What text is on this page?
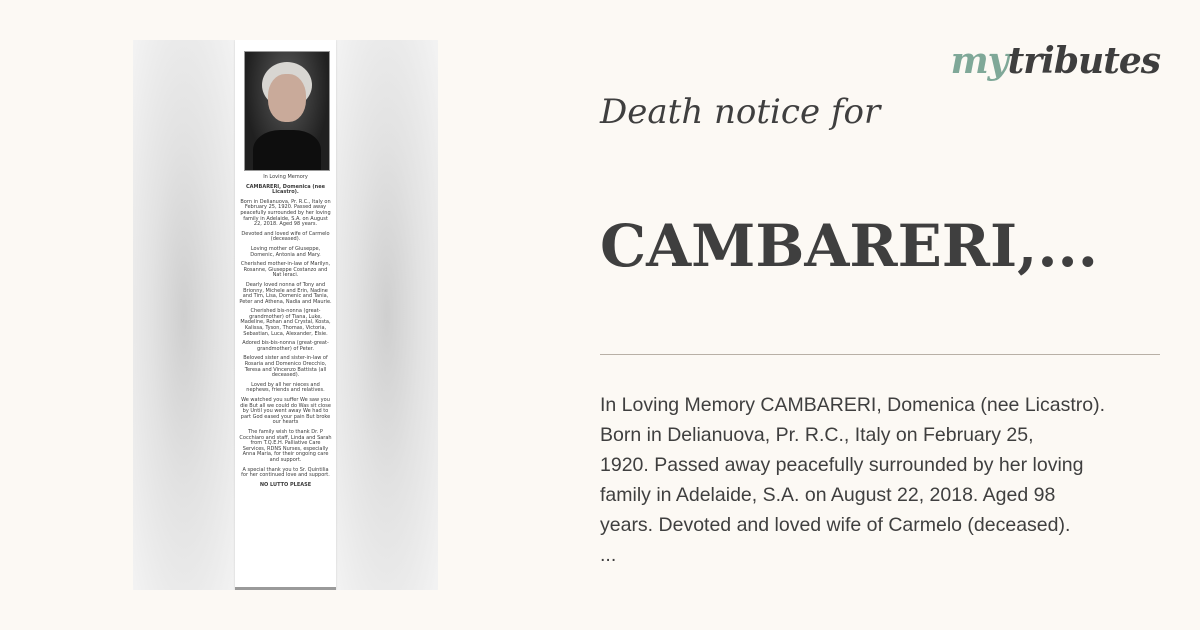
In Loving Memory

CAMBARERI, Domenica (nee Licastro).

Born in Delianuova, Pr. R.C., Italy on February 25, 1920. Passed away peacefully surrounded by her loving family in Adelaide, S.A. on August 22, 2018. Aged 98 years.

Devoted and loved wife of Carmelo (deceased).

Loving mother of Giuseppe, Domenic, Antonia and Mary.

Cherished mother-in-law of Marilyn, Rosanne, Giuseppe Costanzo and Nat Ieraci.

Dearly loved nonna of Tony and Brionny, Michele and Erin, Nadine and Tim, Lisa, Domenic and Tania, Peter and Athena, Nadia and Maurie.

Cherished bis-nonna (great-grandmother) of Tiana, Luke, Madeline, Rohan and Crystal, Kosta, Kalissa, Tyson, Thomas, Victoria, Sebastian, Luca, Alexander, Elsie.

Adored bis-bis-nonna (great-great-grandmother) of Peter.

Beloved sister and sister-in-law of Rosaria and Domenico Orecchio, Teresa and Vincenzo Battista (all deceased).

Loved by all her nieces and nephews, friends and relatives.

We watched you suffer We saw you die But all we could do Was sit close by Until you went away We had to part God eased your pain But broke our hearts

The family wish to thank Dr. P Cocchiaro and staff, Linda and Sarah from T.Q.E.H. Palliative Care Services, RDNS Nurses, especially Anna Maria, for their ongoing care and support.

A special thank you to Sr. Quintilia for her continued love and support.

NO LUTTO PLEASE

mytributes
Death notice for
CAMBARERI,...
In Loving Memory CAMBARERI, Domenica (nee Licastro).
Born in Delianuova, Pr. R.C., Italy on February 25,
1920. Passed away peacefully surrounded by her loving
family in Adelaide, S.A. on August 22, 2018. Aged 98
years. Devoted and loved wife of Carmelo (deceased).
...
